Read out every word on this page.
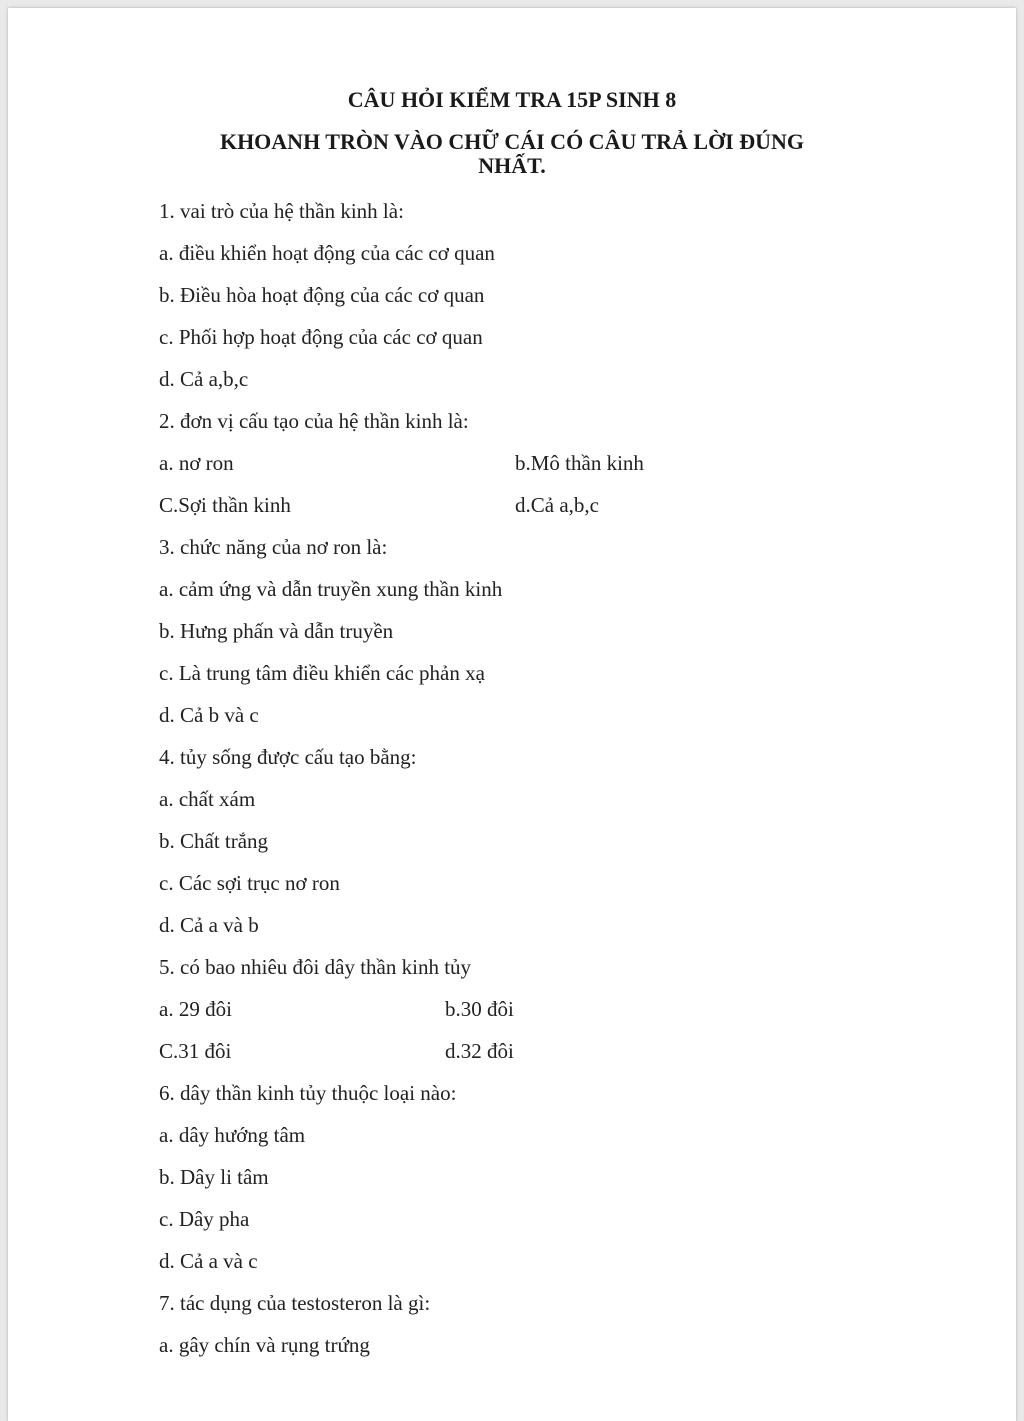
CÂU HỎI KIỂM TRA 15P SINH 8
KHOANH TRÒN VÀO CHỮ CÁI CÓ CÂU TRẢ LỜI ĐÚNG
NHẤT.
1. vai trò của hệ thần kinh là:
a. điều khiển hoạt động của các cơ quan
b. Điều hòa hoạt động của các cơ quan
c. Phối hợp hoạt động của các cơ quan
d. Cả a,b,c
2. đơn vị cấu tạo của hệ thần kinh là:
a. nơ ron	b.Mô thần kinh
C.Sợi thần kinh	d.Cả a,b,c
3. chức năng của nơ ron là:
a. cảm ứng và dẫn truyền xung thần kinh
b. Hưng phấn và dẫn truyền
c. Là trung tâm điều khiển các phản xạ
d. Cả b và c
4. tủy sống được cấu tạo bằng:
a. chất xám
b. Chất trắng
c. Các sợi trục nơ ron
d. Cả a và b
5. có bao nhiêu đôi dây thần kinh tủy
a. 29 đôi	b.30 đôi
C.31 đôi	d.32 đôi
6. dây thần kinh tủy thuộc loại nào:
a. dây hướng tâm
b. Dây li tâm
c. Dây pha
d. Cả a và c
7. tác dụng của testosteron là gì:
a. gây chín và rụng trứng
